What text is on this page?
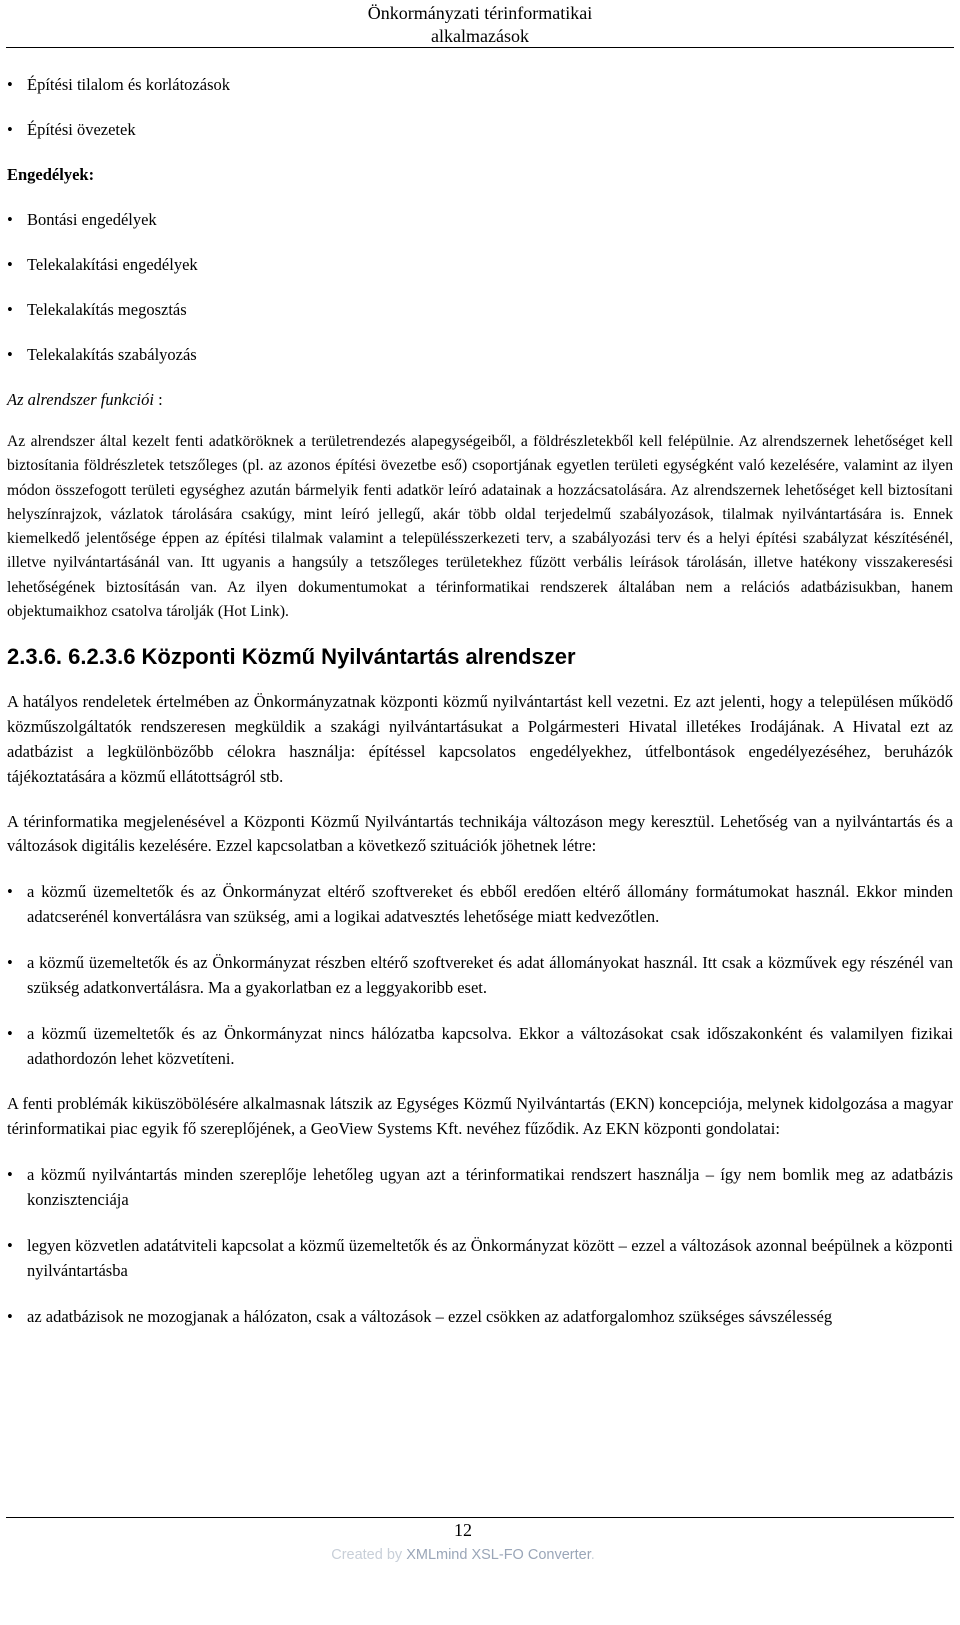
Önkormányzati térinformatikai alkalmazások
• Építési tilalom és korlátozások
• Építési övezetek
Engedélyek:
• Bontási engedélyek
• Telekalakítási engedélyek
• Telekalakítás megosztás
• Telekalakítás szabályozás
Az alrendszer funkciói :

Az alrendszer által kezelt fenti adatköröknek a területrendezés alapegységeiből, a földrészletekből kell felépülnie. Az alrendszernek lehetőséget kell biztosítania földrészletek tetszőleges (pl. az azonos építési övezetbe eső) csoportjának egyetlen területi egységként való kezelésére, valamint az ilyen módon összefogott területi egységhez azután bármelyik fenti adatkör leíró adatainak a hozzácsatolására. Az alrendszernek lehetőséget kell biztosítani helyszínrajzok, vázlatok tárolására csakúgy, mint leíró jellegű, akár több oldal terjedelmű szabályozások, tilalmak nyilvántartására is. Ennek kiemelkedő jelentősége éppen az építési tilalmak valamint a településszerkezeti terv, a szabályozási terv és a helyi építési szabályzat készítésénél, illetve nyilvántartásánál van. Itt ugyanis a hangsúly a tetszőleges területekhez fűzött verbális leírások tárolásán, illetve hatékony visszakeresési lehetőségének biztosításán van. Az ilyen dokumentumokat a térinformatikai rendszerek általában nem a relációs adatbázisukban, hanem objektumaikhoz csatolva tárolják (Hot Link).

2.3.6. 6.2.3.6 Központi Közmű Nyilvántartás alrendszer

A hatályos rendeletek értelmében az Önkormányzatnak központi közmű nyilvántartást kell vezetni. Ez azt jelenti, hogy a településen működő közműszolgáltatók rendszeresen megküldik a szakági nyilvántartásukat a Polgármesteri Hivatal illetékes Irodájának. A Hivatal ezt az adatbázist a legkülönbözőbb célokra használja: építéssel kapcsolatos engedélyekhez, útfelbontások engedélyezéséhez, beruházók tájékoztatására a közmű ellátottságról stb.

A térinformatika megjelenésével a Központi Közmű Nyilvántartás technikája változáson megy keresztül. Lehetőség van a nyilvántartás és a változások digitális kezelésére. Ezzel kapcsolatban a következő szituációk jöhetnek létre:

• a közmű üzemeltetők és az Önkormányzat eltérő szoftvereket és ebből eredően eltérő állomány formátumokat használ. Ekkor minden adatcserénél konvertálásra van szükség, ami a logikai adatvesztés lehetősége miatt kedvezőtlen.
• a közmű üzemeltetők és az Önkormányzat részben eltérő szoftvereket és adat állományokat használ. Itt csak a közművek egy részénél van szükség adatkonvertálásra. Ma a gyakorlatban ez a leggyakoribb eset.
• a közmű üzemeltetők és az Önkormányzat nincs hálózatba kapcsolva. Ekkor a változásokat csak időszakonként és valamilyen fizikai adathordozón lehet közvetíteni.

A fenti problémák kiküszöbölésére alkalmasnak látszik az Egységes Közmű Nyilvántartás (EKN) koncepciója, melynek kidolgozása a magyar térinformatikai piac egyik fő szereplőjének, a GeoView Systems Kft. nevéhez fűződik. Az EKN központi gondolatai:

• a közmű nyilvántartás minden szereplője lehetőleg ugyan azt a térinformatikai rendszert használja – így nem bomlik meg az adatbázis konzisztenciája
• legyen közvetlen adatátviteli kapcsolat a közmű üzemeltetők és az Önkormányzat között – ezzel a változások azonnal beépülnek a központi nyilvántartásba
• az adatbázisok ne mozogjanak a hálózaton, csak a változások – ezzel csökken az adatforgalomhoz szükséges sávszélesség
12
Created by XMLmind XSL-FO Converter.
